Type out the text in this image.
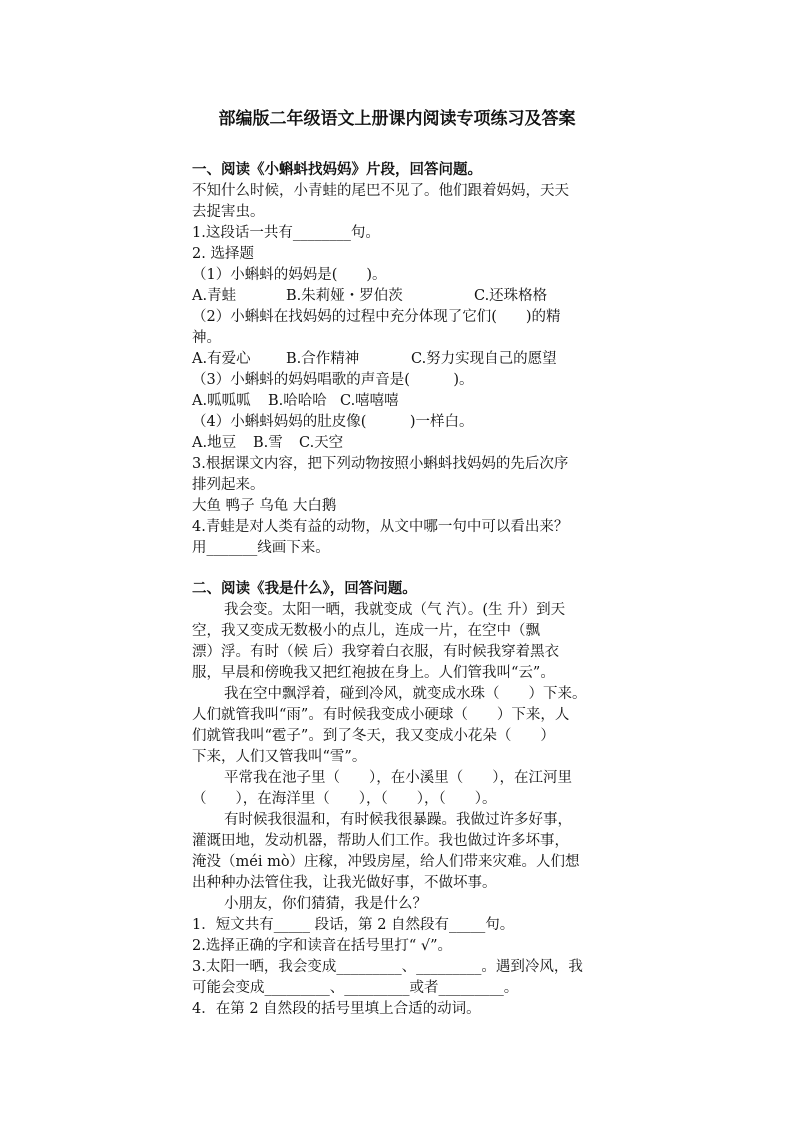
部编版二年级语文上册课内阅读专项练习及答案
一、阅读《小蝌蚪找妈妈》片段，回答问题。
不知什么时候，小青蛙的尾巴不见了。他们跟着妈妈，天天
去捉害虫。
1.这段话一共有________句。
2. 选择题
（1）小蝌蚪的妈妈是(　　)。
A.青蛙	B.朱莉娅・罗伯茨	C.还珠格格
（2）小蝌蚪在找妈妈的过程中充分体现了它们(　　)的精
神。
A.有爱心 B.合作精神	C.努力实现自己的愿望
（3）小蝌蚪的妈妈唱歌的声音是(　　　)。
A.呱呱呱 B.哈哈哈 C.嘻嘻嘻
（4）小蝌蚪妈妈的肚皮像(　　　)一样白。
A.地豆 B.雪 C.天空
3.根据课文内容，把下列动物按照小蝌蚪找妈妈的先后次序
排列起来。
大鱼 鸭子 乌龟 大白鹅
4.青蛙是对人类有益的动物，从文中哪一句中可以看出来？
用_______线画下来。
二、阅读《我是什么》，回答问题。
我会变。太阳一晒，我就变成（气 汽）。(生 升）到天
空，我又变成无数极小的点儿，连成一片，在空中（飘
漂）浮。有时（候 后）我穿着白衣服，有时候我穿着黑衣
服，早晨和傍晚我又把红袍披在身上。人们管我叫“云”。
我在空中飘浮着，碰到冷风，就变成水珠（　　）下来。
人们就管我叫“雨”。有时候我变成小硬球（　　）下来，人
们就管我叫“雹子”。到了冬天，我又变成小花朵（　　）
下来，人们又管我叫“雪”。
平常我在池子里（　　），在小溪里（　　），在江河里
（　　），在海洋里（　　），（　　），（　　）。
有时候我很温和，有时候我很暴躁。我做过许多好事，
灌溉田地，发动机器，帮助人们工作。我也做过许多坏事，
淹没（méi mò）庄稼，冲毁房屋，给人们带来灾难。人们想
出种种办法管住我，让我光做好事，不做坏事。
小朋友，你们猜猜，我是什么？
1．短文共有_____ 段话，第 2 自然段有_____句。
2.选择正确的字和读音在括号里打“ √”。
3.太阳一晒，我会变成_________、_________。遇到冷风，我
可能会变成_________、_________或者_________。
4．在第 2 自然段的括号里填上合适的动词。
